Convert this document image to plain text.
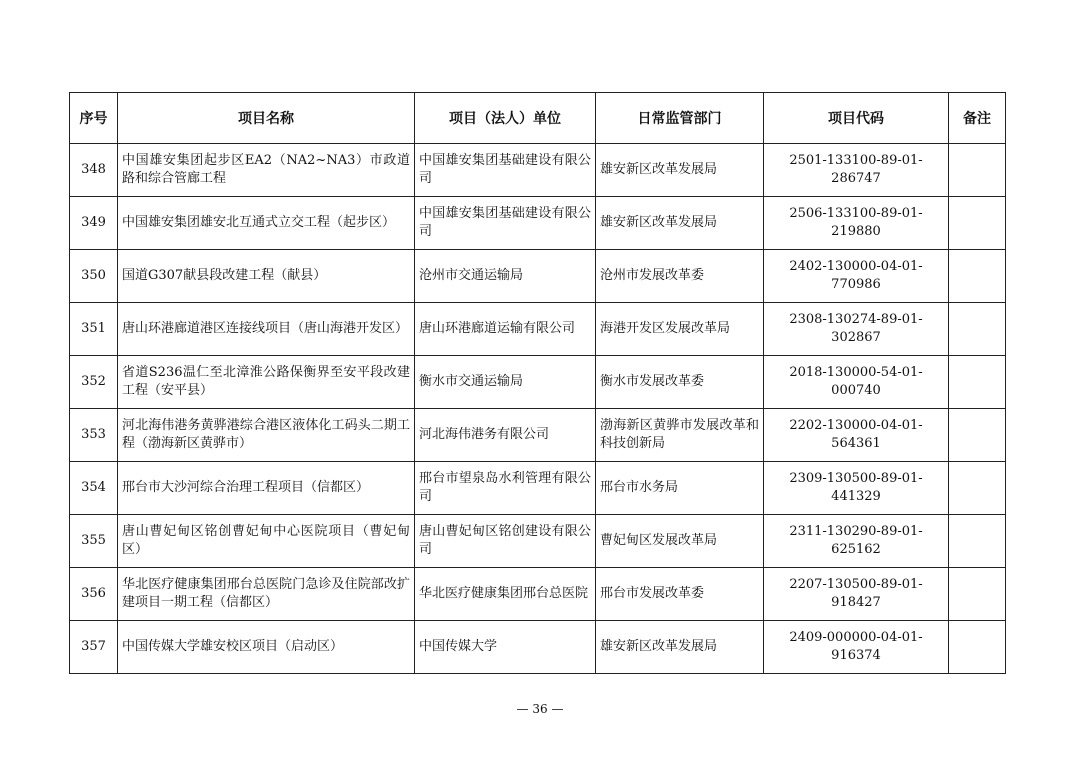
序号	项目名称	项目（法人）单位	日常监管部门	项目代码	备注
348	中国雄安集团起步区EA2（NA2~NA3）市政道路和综合管廊工程	中国雄安集团基础建设有限公司	雄安新区改革发展局	2501-133100-89-01-286747	
349	中国雄安集团雄安北互通式立交工程（起步区）	中国雄安集团基础建设有限公司	雄安新区改革发展局	2506-133100-89-01-219880	
350	国道G307献县段改建工程（献县）	沧州市交通运输局	沧州市发展改革委	2402-130000-04-01-770986	
351	唐山环港廊道港区连接线项目（唐山海港开发区）	唐山环港廊道运输有限公司	海港开发区发展改革局	2308-130274-89-01-302867	
352	省道S236温仁至北漳淮公路保衡界至安平段改建工程（安平县）	衡水市交通运输局	衡水市发展改革委	2018-130000-54-01-000740	
353	河北海伟港务黄骅港综合港区液体化工码头二期工程（渤海新区黄骅市）	河北海伟港务有限公司	渤海新区黄骅市发展改革和科技创新局	2202-130000-04-01-564361	
354	邢台市大沙河综合治理工程项目（信都区）	邢台市望泉岛水利管理有限公司	邢台市水务局	2309-130500-89-01-441329	
355	唐山曹妃甸区铭创曹妃甸中心医院项目（曹妃甸区）	唐山曹妃甸区铭创建设有限公司	曹妃甸区发展改革局	2311-130290-89-01-625162	
356	华北医疗健康集团邢台总医院门急诊及住院部改扩建项目一期工程（信都区）	华北医疗健康集团邢台总医院	邢台市发展改革委	2207-130500-89-01-918427	
357	中国传媒大学雄安校区项目（启动区）	中国传媒大学	雄安新区改革发展局	2409-000000-04-01-916374	
— 36 —
